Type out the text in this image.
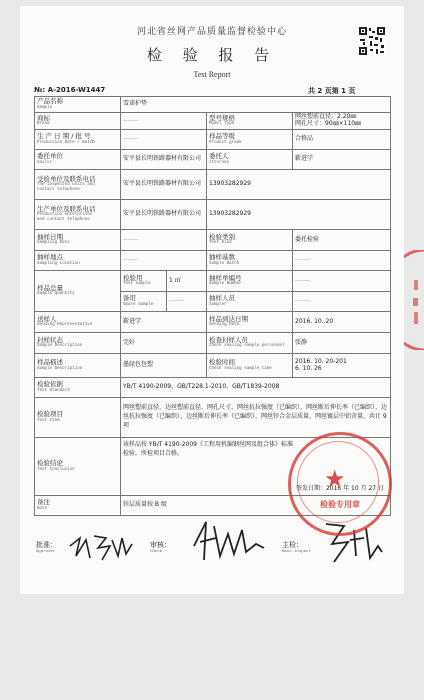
河北省丝网产品质量监督检验中心
检 验 报 告
Test Report
№: A-2016-W1447	共 2 页第 1 页
产品名称
Sample	雪诺护垫			

商标
Brand	-------		型号规格
Model Type	网丝塑前直径：2.20㎜
网孔尺寸：90㎜×110㎜

生 产 日 期 / 批 号
Production Date / Batch	-------		样品等级
Product grade	合格品

委托单位
Sailor	安平县长明铁路器材有限公司		委托人
Attorney	靳进学

受检单位及联系电话
The inspected units and
contact telephone	安平县长明铁路器材有限公司		13903282929	

生产单位及联系电话
Production enterprises
and contact telephone	安平县长明铁路器材有限公司		13903282929	

抽样日期
Sampling Date	-------		检验类别
Test Kind	委托检验

抽样地点
Sampling Location	-------		抽样基数
Sample Batch	-------

样品总量
Sample Quantity	检验用
Test sample	1 ㎡	抽样单编号
Sample Number	-------

	备用
Spare Sample	-------	抽样人员
Sampler	-------

送样人
Sending Representative	靳进学		样品到达日期
Sending Date	2016. 10. 20

封样状态
Sample Description	完好		检查封样人员
Check sealing sample personnel	张静

样品描述
Sample Description	墨绿色包塑		检验时间
Check sealing sample time	2016. 10. 20-201
6. 10. 26

检验依据
Test Standard	YB/T 4190-2009、GB/T228.1-2010、GB/T1839-2008			

检验项目
Test Item	网丝塑前直径、边丝塑前直径、网孔尺寸、网丝抗拉强度（已编织）、网丝断后伸长率（已编织）、边丝抗拉强度（已编织）、边丝断后伸长率（已编织）、网丝锌合金层质量、网丝镀层中铝含量，共计 9 项			

检验结论
Test Conclusion	该样品按 YB/T 4190-2009《工程用机编钢丝网及组合体》标准检验，所检项目合格。
签发日期：2016 年 10 月 27 日			

备注
Note	锌层质量按 B 级			
批准：
Approver
审核：
Check
主检：
Main inspect
★
检验专用章
